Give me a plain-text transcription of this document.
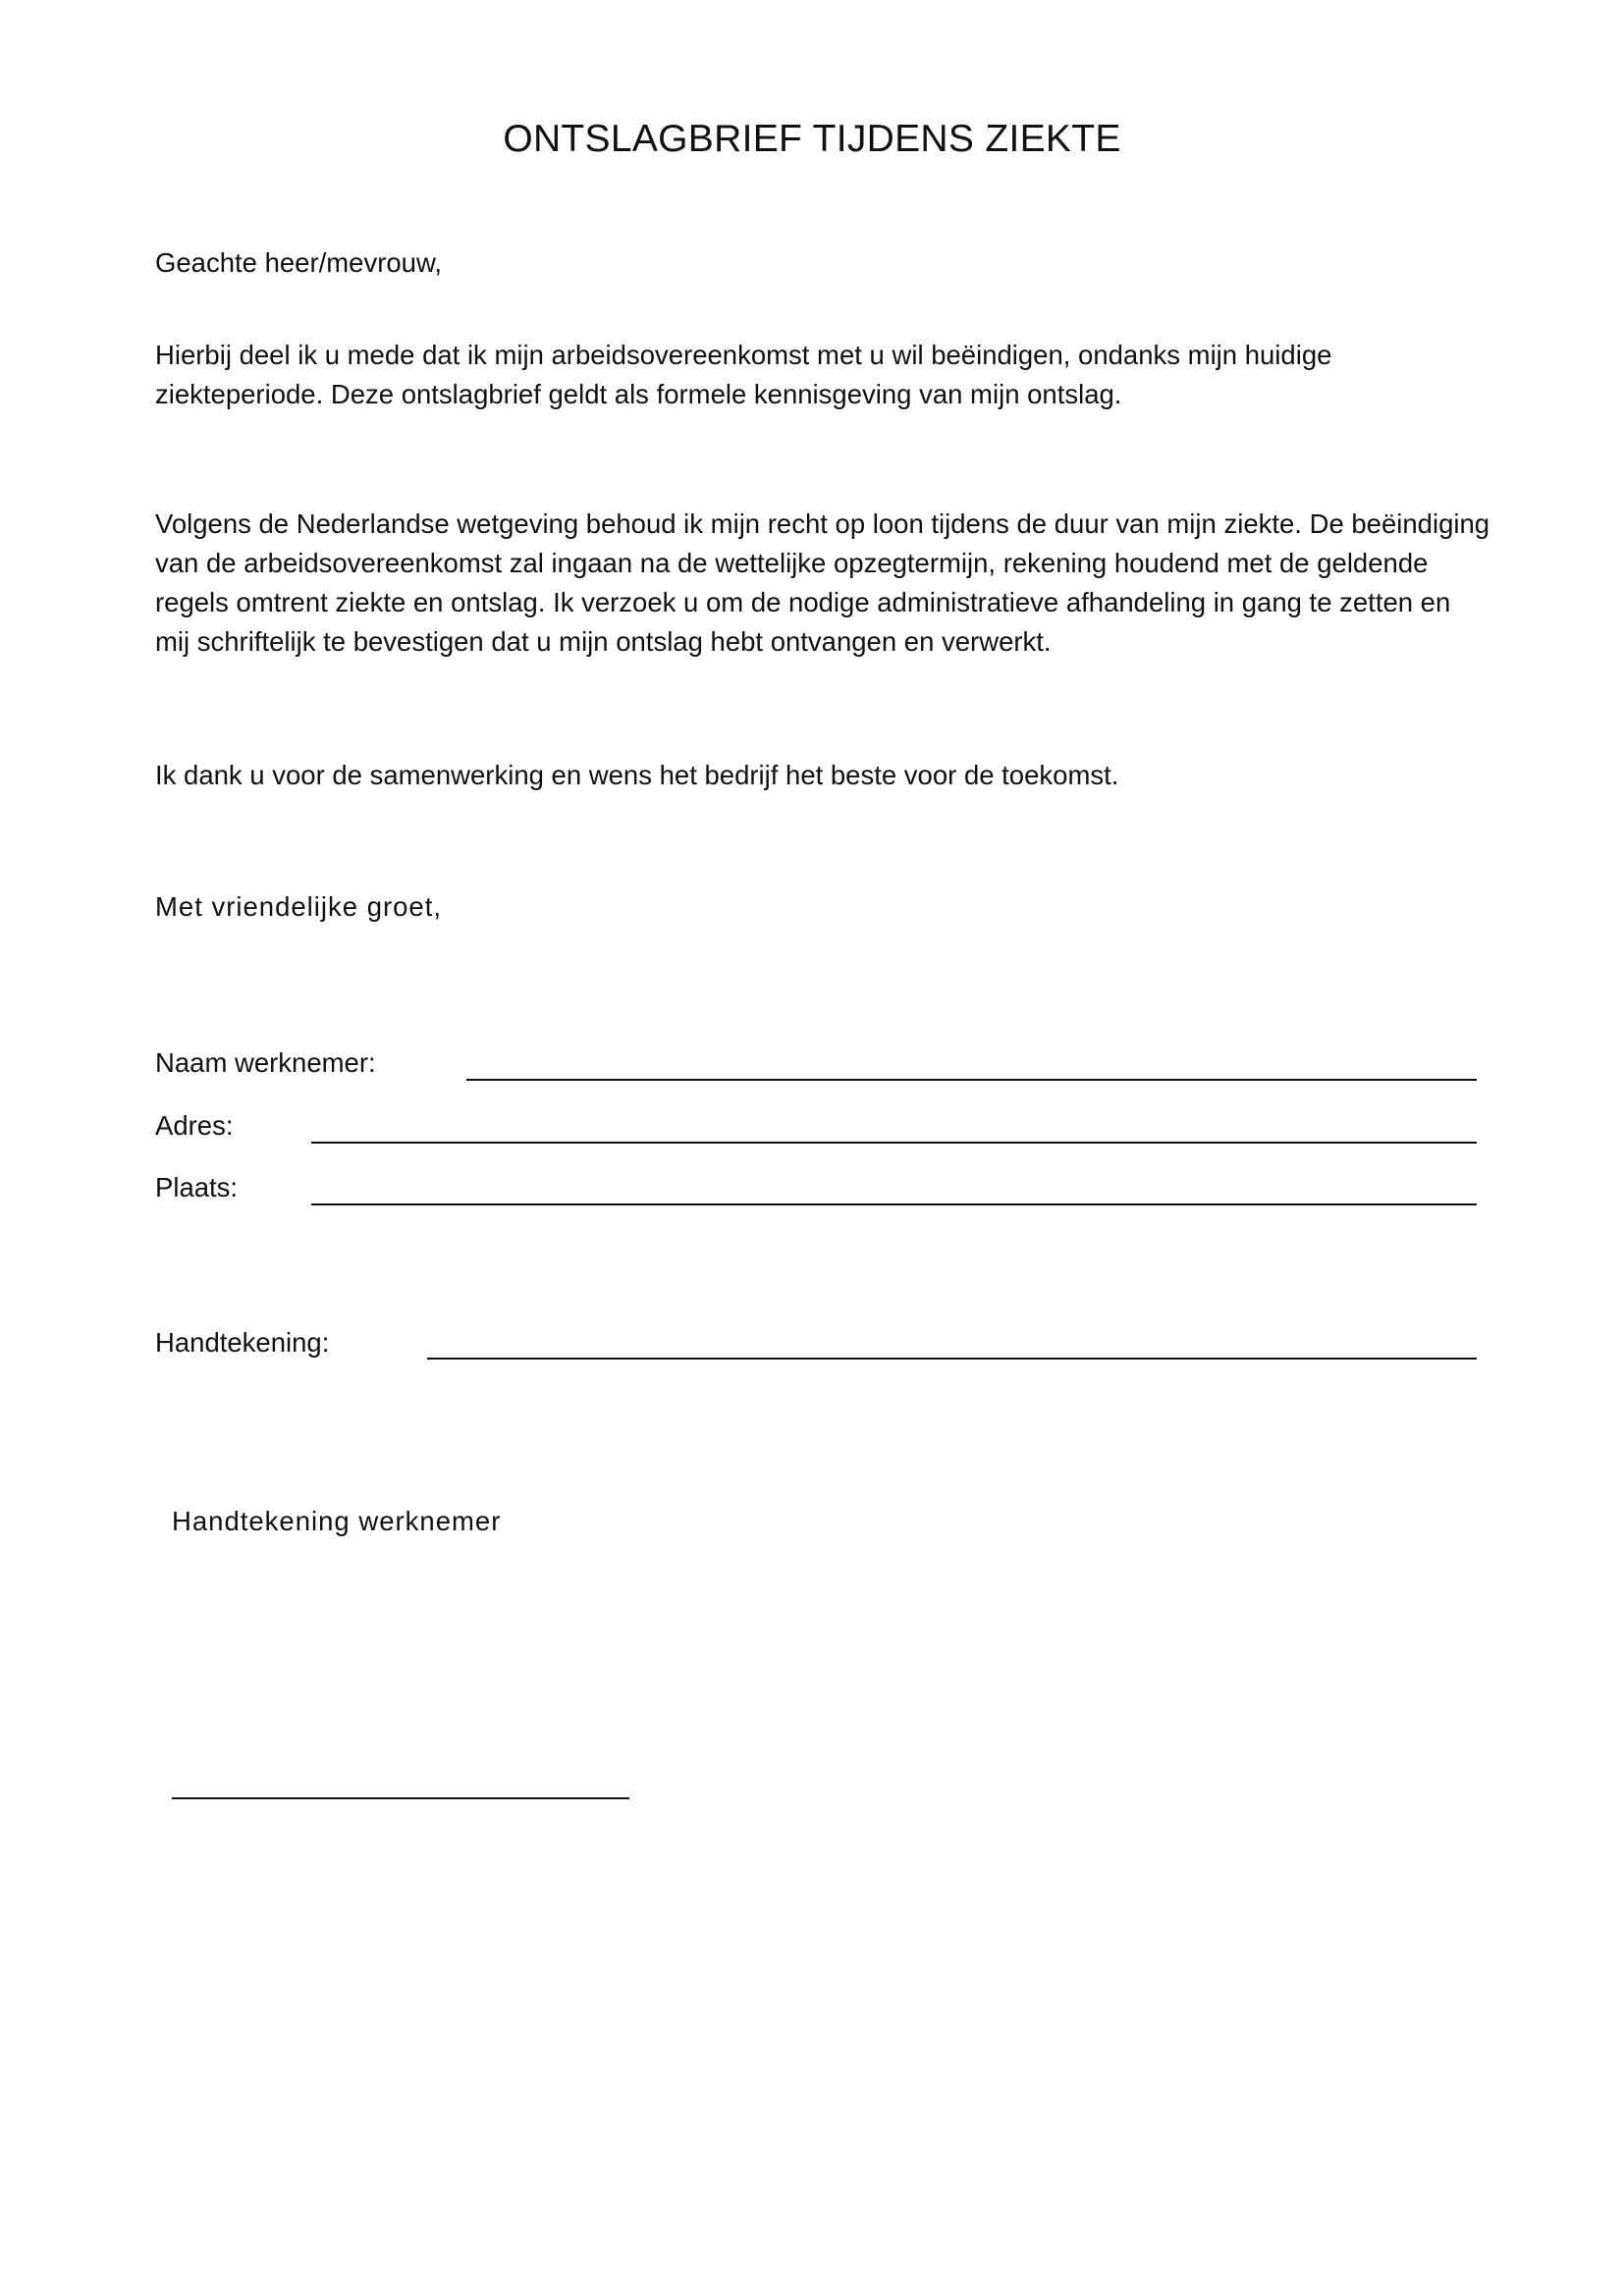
ONTSLAGBRIEF TIJDENS ZIEKTE

Geachte heer/mevrouw,

Hierbij deel ik u mede dat ik mijn arbeidsovereenkomst met u wil beëindigen, ondanks mijn huidige ziekteperiode. Deze ontslagbrief geldt als formele kennisgeving van mijn ontslag.

Volgens de Nederlandse wetgeving behoud ik mijn recht op loon tijdens de duur van mijn ziekte. De beëindiging van de arbeidsovereenkomst zal ingaan na de wettelijke opzegtermijn, rekening houdend met de geldende regels omtrent ziekte en ontslag. Ik verzoek u om de nodige administratieve afhandeling in gang te zetten en mij schriftelijk te bevestigen dat u mijn ontslag hebt ontvangen en verwerkt.

Ik dank u voor de samenwerking en wens het bedrijf het beste voor de toekomst.

Met vriendelijke groet,

Naam werknemer:
Adres:
Plaats:
Handtekening:
Handtekening werknemer
